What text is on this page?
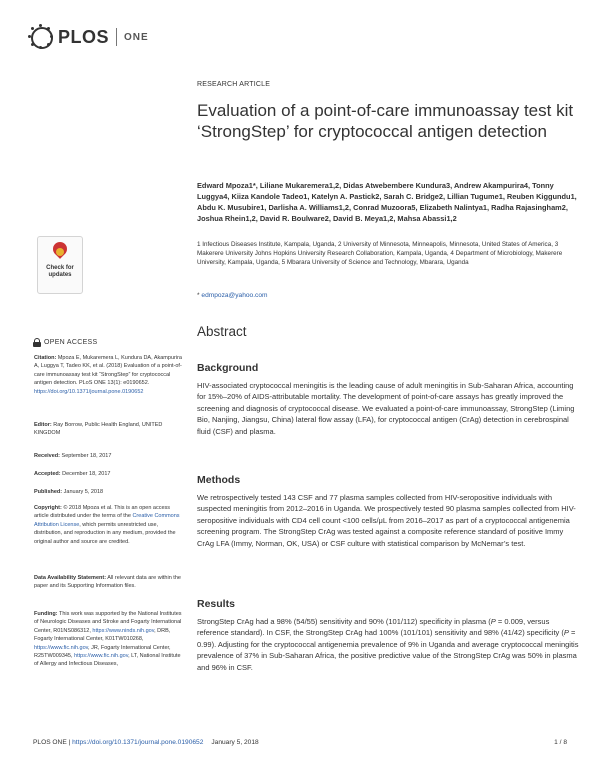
PLOS ONE
RESEARCH ARTICLE
Evaluation of a point-of-care immunoassay test kit ‘StrongStep’ for cryptococcal antigen detection
Edward Mpoza1*, Liliane Mukaremera1,2, Didas Atwebembere Kundura3, Andrew Akampurira4, Tonny Luggya4, Kiiza Kandole Tadeo1, Katelyn A. Pastick2, Sarah C. Bridge2, Lillian Tugume1, Reuben Kiggundu1, Abdu K. Musubire1, Darlisha A. Williams1,2, Conrad Muzoora5, Elizabeth Nalintya1, Radha Rajasingham2, Joshua Rhein1,2, David R. Boulware2, David B. Meya1,2, Mahsa Abassi1,2
1 Infectious Diseases Institute, Kampala, Uganda, 2 University of Minnesota, Minneapolis, Minnesota, United States of America, 3 Makerere University Johns Hopkins University Research Collaboration, Kampala, Uganda, 4 Department of Microbiology, Makerere University, Kampala, Uganda, 5 Mbarara University of Science and Technology, Mbarara, Uganda
* edmpoza@yahoo.com
Check for
updates
OPEN ACCESS
Citation: Mpoza E, Mukaremera L, Kundura DA, Akampurira A, Luggya T, Tadeo KK, et al. (2018) Evaluation of a point-of-care immunoassay test kit “StrongStep” for cryptococcal antigen detection. PLoS ONE 13(1): e0190652. https://doi.org/10.1371/journal.pone.0190652
Editor: Ray Borrow, Public Health England, UNITED KINGDOM
Received: September 18, 2017
Accepted: December 18, 2017
Published: January 5, 2018
Copyright: © 2018 Mpoza et al. This is an open access article distributed under the terms of the Creative Commons Attribution License, which permits unrestricted use, distribution, and reproduction in any medium, provided the original author and source are credited.
Data Availability Statement: All relevant data are within the paper and its Supporting Information files.
Funding: This work was supported by the National Institutes of Neurologic Diseases and Stroke and Fogarty International Center, R01NS086312, https://www.ninds.nih.gov, DRB, Fogarty International Center, K01TW010268, https://www.fic.nih.gov, JR, Fogarty International Center, R25TW009345, https://www.fic.nih.gov, LT, National Institute of Allergy and Infectious Diseases,
Abstract
Background
HIV-associated cryptococcal meningitis is the leading cause of adult meningitis in Sub-Saharan Africa, accounting for 15%–20% of AIDS-attributable mortality. The development of point-of-care assays has greatly improved the screening and diagnosis of cryptococcal disease. We evaluated a point-of-care immunoassay, StrongStep (Liming Bio, Nanjing, Jiangsu, China) lateral flow assay (LFA), for cryptococcal antigen (CrAg) detection in cerebrospinal fluid (CSF) and plasma.
Methods
We retrospectively tested 143 CSF and 77 plasma samples collected from HIV-seropositive individuals with suspected meningitis from 2012–2016 in Uganda. We prospectively tested 90 plasma samples collected from HIV-seropositive individuals with CD4 cell count <100 cells/μL from 2016–2017 as part of a cryptococcal antigenemia screening program. The StrongStep CrAg was tested against a composite reference standard of positive Immy CrAg LFA (Immy, Norman, OK, USA) or CSF culture with statistical comparison by McNemar’s test.
Results
StrongStep CrAg had a 98% (54/55) sensitivity and 90% (101/112) specificity in plasma (P = 0.009, versus reference standard). In CSF, the StrongStep CrAg had 100% (101/101) sensitivity and 98% (41/42) specificity (P = 0.99). Adjusting for the cryptococcal antigenemia prevalence of 9% in Uganda and average cryptococcal meningitis prevalence of 37% in Sub-Saharan Africa, the positive predictive value of the StrongStep CrAg was 50% in plasma and 96% in CSF.
PLOS ONE | https://doi.org/10.1371/journal.pone.0190652 January 5, 2018	1 / 8
